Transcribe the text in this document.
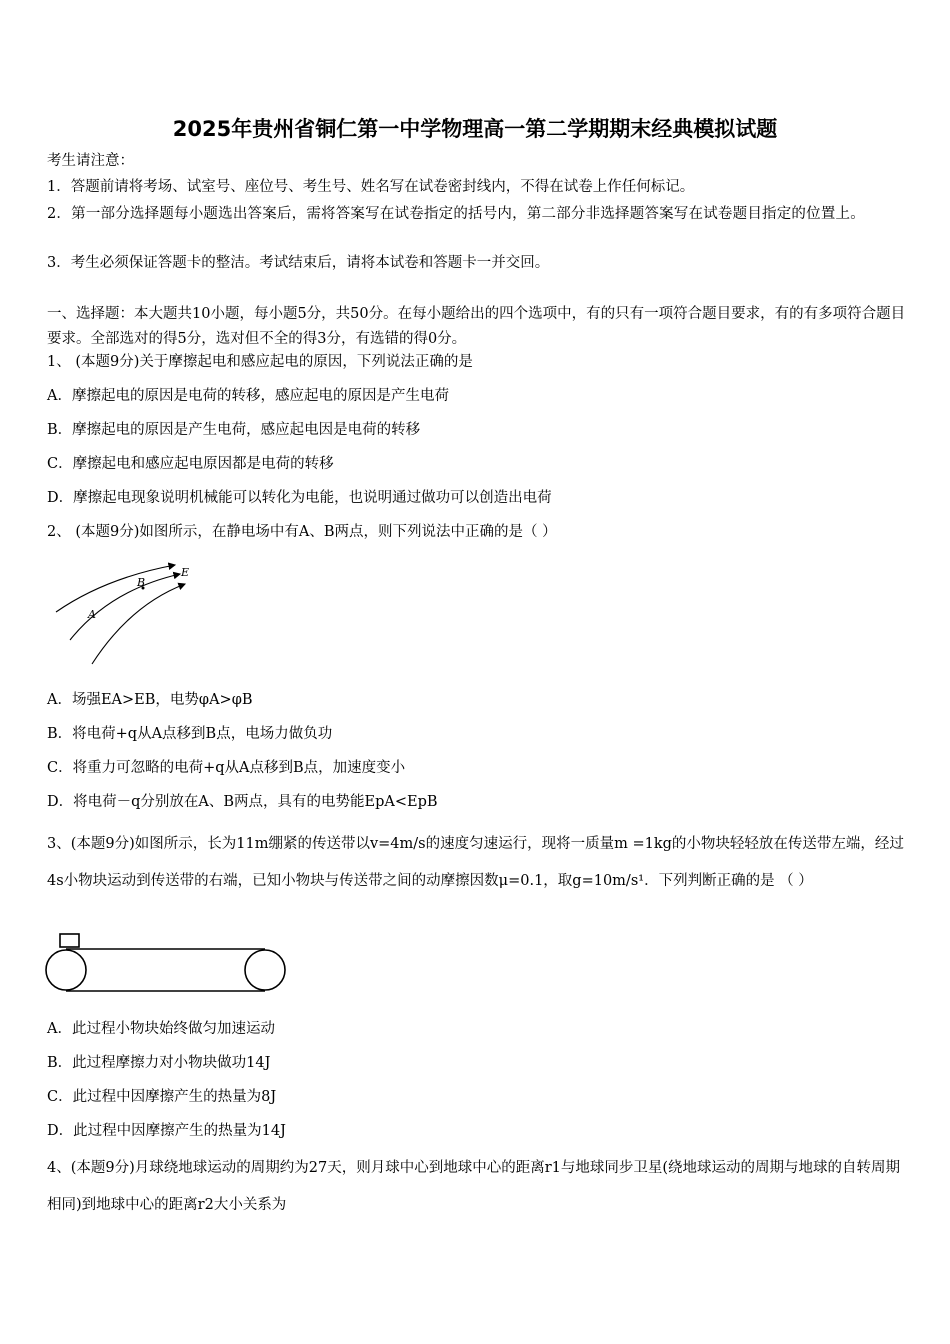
2025年贵州省铜仁第一中学物理高一第二学期期末经典模拟试题
考生请注意：
1．答题前请将考场、试室号、座位号、考生号、姓名写在试卷密封线内，不得在试卷上作任何标记。
2．第一部分选择题每小题选出答案后，需将答案写在试卷指定的括号内，第二部分非选择题答案写在试卷题目指定的位置上。
3．考生必须保证答题卡的整洁。考试结束后，请将本试卷和答题卡一并交回。
一、选择题：本大题共10小题，每小题5分，共50分。在每小题给出的四个选项中，有的只有一项符合题目要求，有的有多项符合题目要求。全部选对的得5分，选对但不全的得3分，有选错的得0分。
1、 (本题9分)关于摩擦起电和感应起电的原因，下列说法正确的是
A．摩擦起电的原因是电荷的转移，感应起电的原因是产生电荷
B．摩擦起电的原因是产生电荷，感应起电因是电荷的转移
C．摩擦起电和感应起电原因都是电荷的转移
D．摩擦起电现象说明机械能可以转化为电能，也说明通过做功可以创造出电荷
2、 (本题9分)如图所示，在静电场中有A、B两点，则下列说法中正确的是（ ）
A
B
E
A．场强EA>EB，电势φA>φB
B．将电荷+q从A点移到B点，电场力做负功
C．将重力可忽略的电荷+q从A点移到B点，加速度变小
D．将电荷－q分别放在A、B两点，具有的电势能EpA<EpB
3、(本题9分)如图所示，长为11m绷紧的传送带以v=4m/s的速度匀速运行，现将一质量m =1kg的小物块轻轻放在传送带左端，经过4s小物块运动到传送带的右端，已知小物块与传送带之间的动摩擦因数μ=0.1，取g=10m/s¹．下列判断正确的是 （ ）
A．此过程小物块始终做匀加速运动
B．此过程摩擦力对小物块做功14J
C．此过程中因摩擦产生的热量为8J
D．此过程中因摩擦产生的热量为14J
4、(本题9分)月球绕地球运动的周期约为27天，则月球中心到地球中心的距离r1与地球同步卫星(绕地球运动的周期与地球的自转周期相同)到地球中心的距离r2大小关系为
